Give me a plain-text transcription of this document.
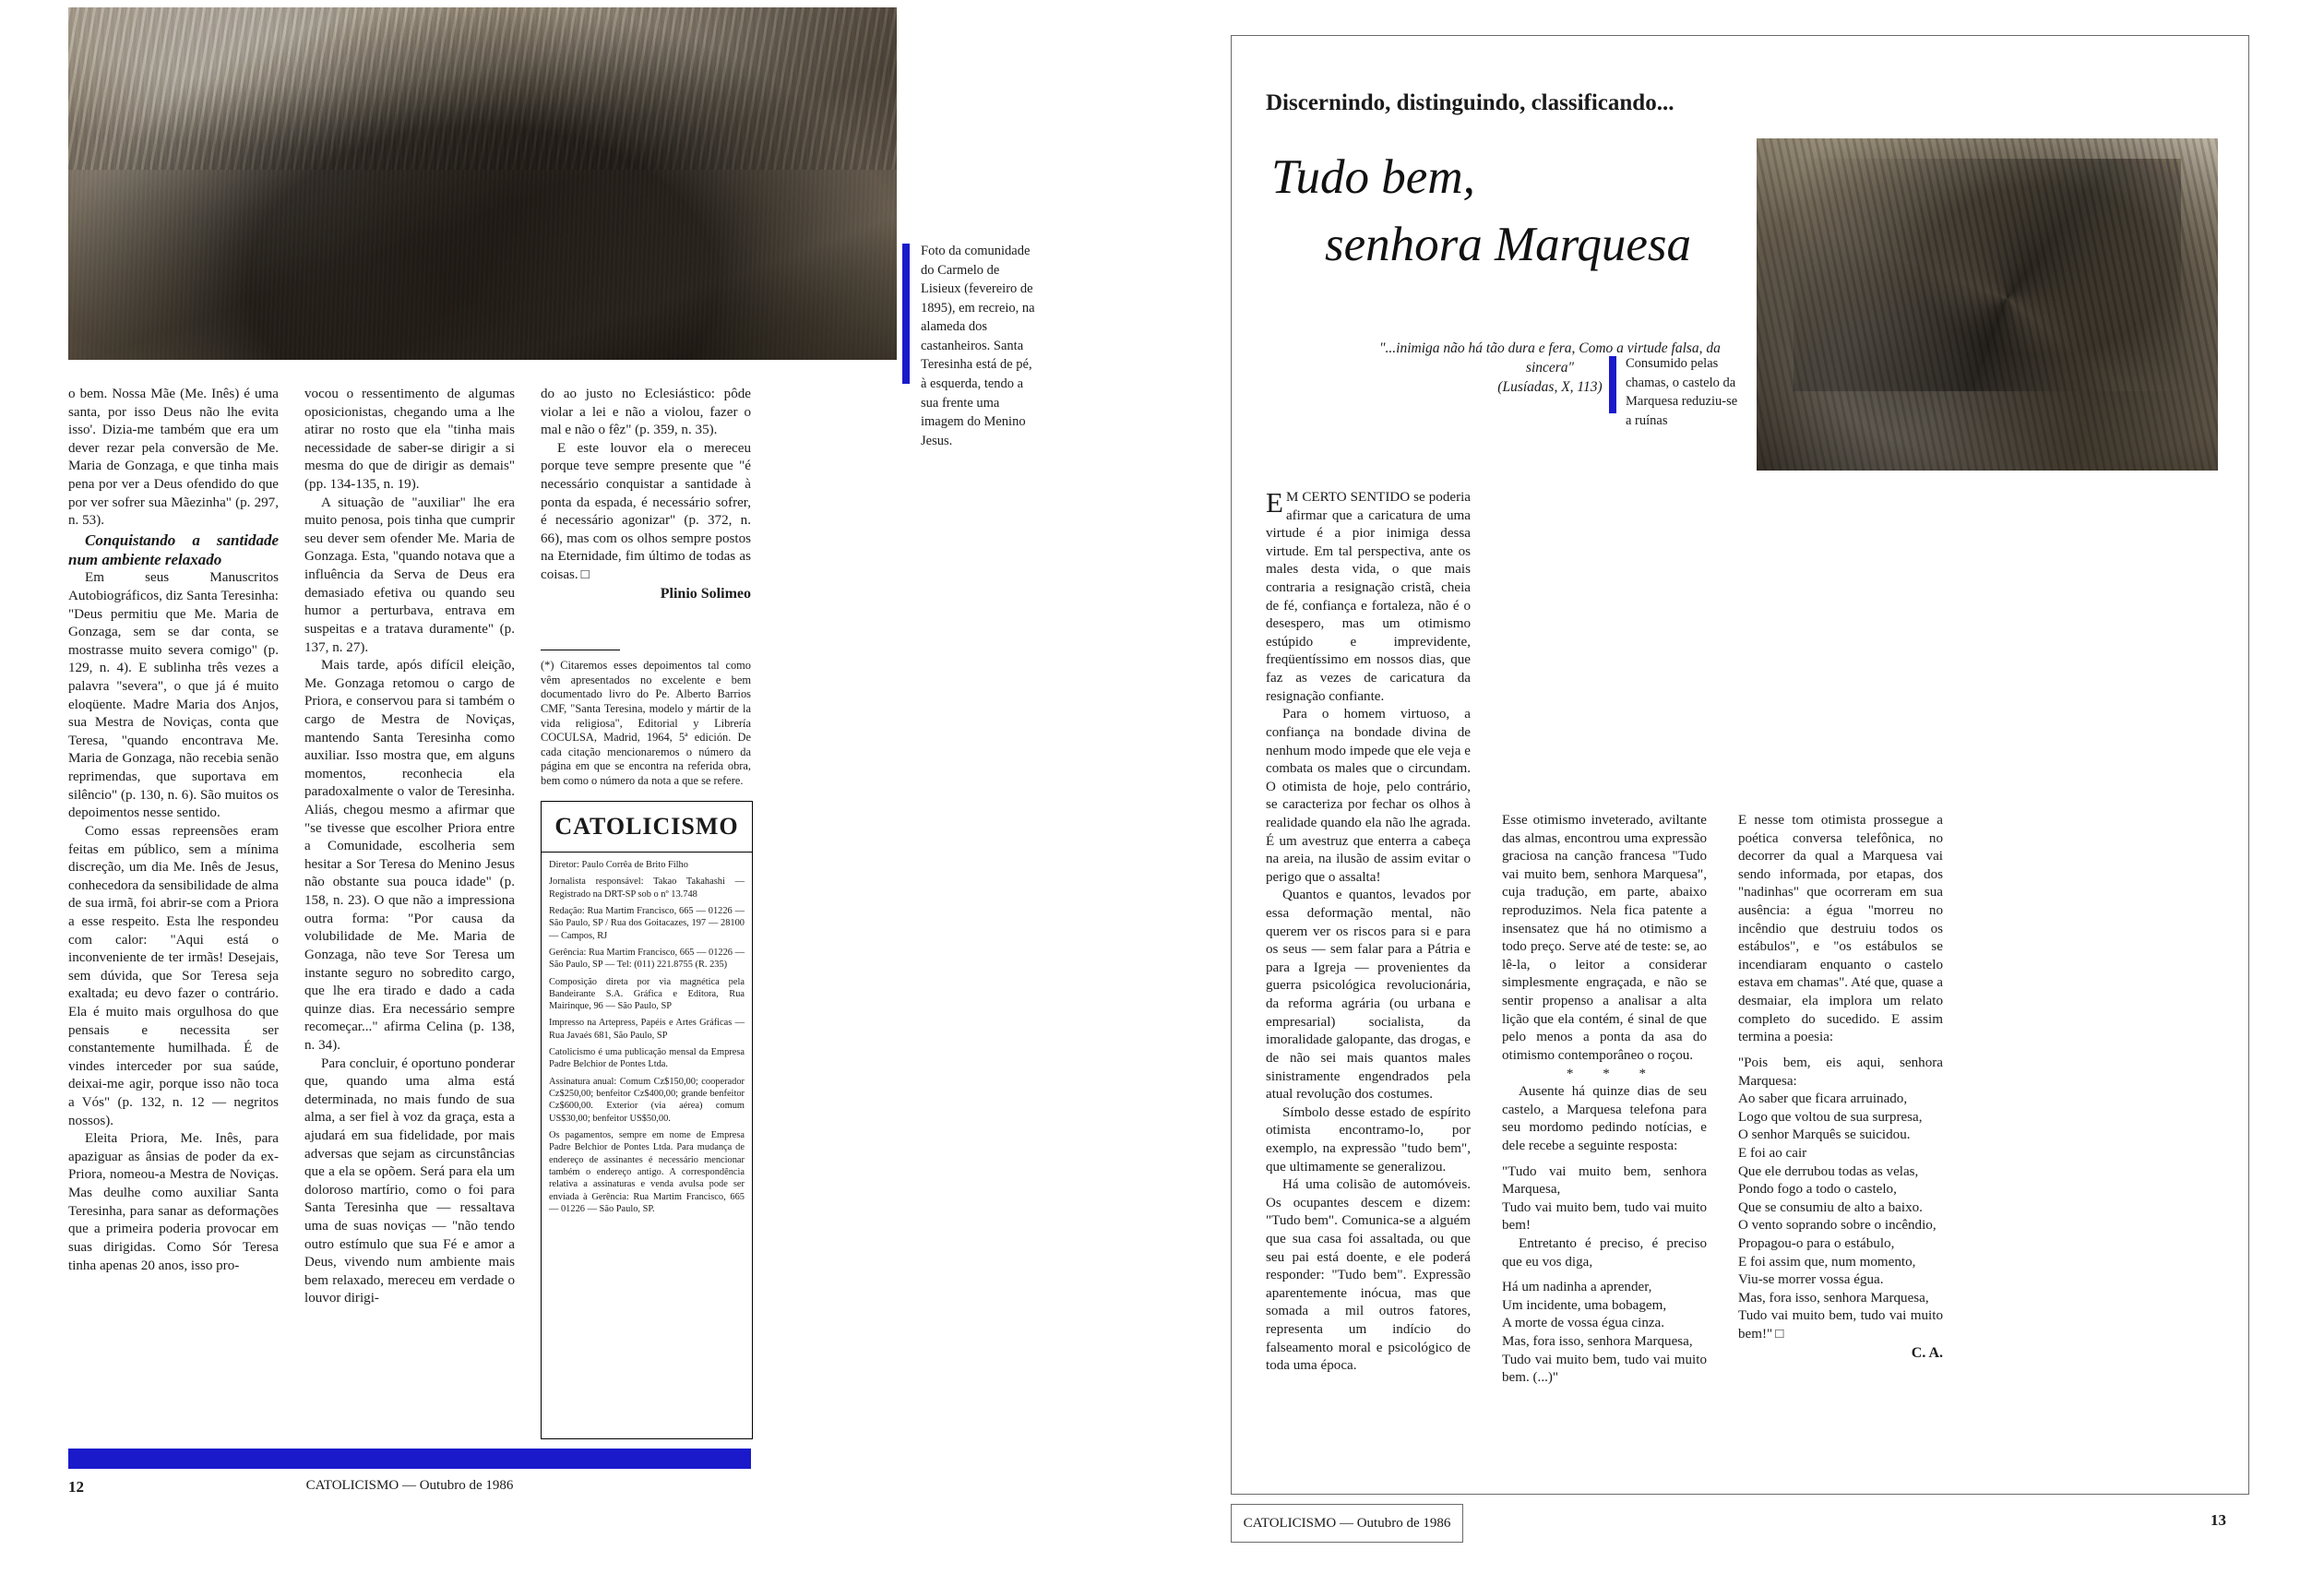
Foto da comunidade do Carmelo de Lisieux (fevereiro de 1895), em recreio, na alameda dos castanheiros. Santa Teresinha está de pé, à esquerda, tendo a sua frente uma imagem do Menino Jesus.

o bem. Nossa Mãe (Me. Inês) é uma santa, por isso Deus não lhe evita isso'. Dizia-me também que era um dever rezar pela conversão de Me. Maria de Gonzaga, e que tinha mais pena por ver a Deus ofendido do que por ver sofrer sua Mãezinha" (p. 297, n. 53).

Conquistando a santidade num ambiente relaxado

Em seus Manuscritos Autobiográficos, diz Santa Teresinha: "Deus permitiu que Me. Maria de Gonzaga, sem se dar conta, se mostrasse muito severa comigo" (p. 129, n. 4). E sublinha três vezes a palavra "severa", o que já é muito eloqüente. Madre Maria dos Anjos, sua Mestra de Noviças, conta que Teresa, "quando encontrava Me. Maria de Gonzaga, não recebia senão reprimendas, que suportava em silêncio" (p. 130, n. 6). São muitos os depoimentos nesse sentido.

Como essas repreensões eram feitas em público, sem a mínima discreção, um dia Me. Inês de Jesus, conhecedora da sensibilidade de alma de sua irmã, foi abrir-se com a Priora a esse respeito. Esta lhe respondeu com calor: "Aqui está o inconveniente de ter irmãs! Desejais, sem dúvida, que Sor Teresa seja exaltada; eu devo fazer o contrário. Ela é muito mais orgulhosa do que pensais e necessita ser constantemente humilhada. É de vindes interceder por sua saúde, deixai-me agir, porque isso não toca a Vós" (p. 132, n. 12 — negritos nossos).

Eleita Priora, Me. Inês, para apaziguar as ânsias de poder da ex-Priora, nomeou-a Mestra de Noviças. Mas deulhe como auxiliar Santa Teresinha, para sanar as deformações que a primeira poderia provocar em suas dirigidas. Como Sór Teresa tinha apenas 20 anos, isso pro-

vocou o ressentimento de algumas oposicionistas, chegando uma a lhe atirar no rosto que ela "tinha mais necessidade de saber-se dirigir a si mesma do que de dirigir as demais" (pp. 134-135, n. 19).

A situação de "auxiliar" lhe era muito penosa, pois tinha que cumprir seu dever sem ofender Me. Maria de Gonzaga. Esta, "quando notava que a influência da Serva de Deus era demasiado efetiva ou quando seu humor a perturbava, entrava em suspeitas e a tratava duramente" (p. 137, n. 27).

Mais tarde, após difícil eleição, Me. Gonzaga retomou o cargo de Priora, e conservou para si também o cargo de Mestra de Noviças, mantendo Santa Teresinha como auxiliar. Isso mostra que, em alguns momentos, reconhecia ela paradoxalmente o valor de Teresinha. Aliás, chegou mesmo a afirmar que "se tivesse que escolher Priora entre a Comunidade, escolheria sem hesitar a Sor Teresa do Menino Jesus não obstante sua pouca idade" (p. 158, n. 23). O que não a impressiona outra forma: "Por causa da volubilidade de Me. Maria de Gonzaga, não teve Sor Teresa um instante seguro no sobredito cargo, que lhe era tirado e dado a cada quinze dias. Era necessário sempre recomeçar..." afirma Celina (p. 138, n. 34).

Para concluir, é oportuno ponderar que, quando uma alma está determinada, no mais fundo de sua alma, a ser fiel à voz da graça, esta a ajudará em sua fidelidade, por mais adversas que sejam as circunstâncias que a ela se opõem. Será para ela um doloroso martírio, como o foi para Santa Teresinha que — ressaltava uma de suas noviças — "não tendo outro estímulo que sua Fé e amor a Deus, vivendo num ambiente mais bem relaxado, mereceu em verdade o louvor dirigi-

do ao justo no Eclesiástico: pôde violar a lei e não a violou, fazer o mal e não o fêz" (p. 359, n. 35).

E este louvor ela o mereceu porque teve sempre presente que "é necessário conquistar a santidade à ponta da espada, é necessário sofrer, é necessário agonizar" (p. 372, n. 66), mas com os olhos sempre postos na Eternidade, fim último de todas as coisas. □

Plinio Solimeo

(*) Citaremos esses depoimentos tal como vêm apresentados no excelente e bem documentado livro do Pe. Alberto Barrios CMF, "Santa Teresina, modelo y mártir de la vida religiosa", Editorial y Librería COCULSA, Madrid, 1964, 5ª edición. De cada citação mencionaremos o número da página em que se encontra na referida obra, bem como o número da nota a que se refere.
CATOLICISMO

Diretor: Paulo Corrêa de Brito Filho

Jornalista responsável: Takao Takahashi — Registrado na DRT-SP sob o nº 13.748

Redação: Rua Martim Francisco, 665 — 01226 — São Paulo, SP / Rua dos Goitacazes, 197 — 28100 — Campos, RJ

Gerência: Rua Martim Francisco, 665 — 01226 — São Paulo, SP — Tel: (011) 221.8755 (R. 235)

Composição direta por via magnética pela Bandeirante S.A. Gráfica e Editora, Rua Mairinque, 96 — São Paulo, SP

Impresso na Artepress, Papéis e Artes Gráficas — Rua Javaés 681, São Paulo, SP

Catolicismo é uma publicação mensal da Empresa Padre Belchior de Pontes Ltda.

Assinatura anual: Comum Cz$150,00; cooperador Cz$250,00; benfeitor Cz$400,00; grande benfeitor Cz$600,00. Exterior (via aérea) comum US$30,00; benfeitor US$50,00.

Os pagamentos, sempre em nome de Empresa Padre Belchior de Pontes Ltda. Para mudança de endereço de assinantes é necessário mencionar também o endereço antigo. A correspondência relativa a assinaturas e venda avulsa pode ser enviada à Gerência: Rua Martim Francisco, 665 — 01226 — São Paulo, SP.

CATOLICISMO — Outubro de 1986
12
Discernindo, distinguindo, classificando...
Tudo bem,
senhora Marquesa
"...inimiga não há tão dura e fera, Como a virtude falsa, da sincera"
(Lusíadas, X, 113)
Consumido pelas chamas, o castelo da Marquesa reduziu-se a ruínas

E M CERTO SENTIDO se poderia afirmar que a caricatura de uma virtude é a pior inimiga dessa virtude. Em tal perspectiva, ante os males desta vida, o que mais contraria a resignação cristã, cheia de fé, confiança e fortaleza, não é o desespero, mas um otimismo estúpido e imprevidente, freqüentíssimo em nossos dias, que faz as vezes de caricatura da resignação confiante.

Para o homem virtuoso, a confiança na bondade divina de nenhum modo impede que ele veja e combata os males que o circundam. O otimista de hoje, pelo contrário, se caracteriza por fechar os olhos à realidade quando ela não lhe agrada. É um avestruz que enterra a cabeça na areia, na ilusão de assim evitar o perigo que o assalta!

Quantos e quantos, levados por essa deformação mental, não querem ver os riscos para si e para os seus — sem falar para a Pátria e para a Igreja — provenientes da guerra psicológica revolucionária, da reforma agrária (ou urbana e empresarial) socialista, da imoralidade galopante, das drogas, e de não sei mais quantos males sinistramente engendrados pela atual revolução dos costumes.

Símbolo desse estado de espírito otimista encontramo-lo, por exemplo, na expressão "tudo bem", que ultimamente se generalizou.

Há uma colisão de automóveis. Os ocupantes descem e dizem: "Tudo bem". Comunica-se a alguém que sua casa foi assaltada, ou que seu pai está doente, e ele poderá responder: "Tudo bem". Expressão aparentemente inócua, mas que somada a mil outros fatores, representa um indício do falseamento moral e psicológico de toda uma época.

Esse otimismo inveterado, aviltante das almas, encontrou uma expressão graciosa na canção francesa "Tudo vai muito bem, senhora Marquesa", cuja tradução, em parte, abaixo reproduzimos. Nela fica patente a insensatez que há no otimismo a todo preço. Serve até de teste: se, ao lê-la, o leitor a considerar simplesmente engraçada, e não se sentir propenso a analisar a alta lição que ela contém, é sinal de que pelo menos a ponta da asa do otimismo contemporâneo o roçou.

* * *

Ausente há quinze dias de seu castelo, a Marquesa telefona para seu mordomo pedindo notícias, e dele recebe a seguinte resposta:

"Tudo vai muito bem, senhora Marquesa,
Tudo vai muito bem, tudo vai muito bem!

Entretanto é preciso, é preciso que eu vos diga,

Há um nadinha a aprender,
Um incidente, uma bobagem,
A morte de vossa égua cinza.
Mas, fora isso, senhora Marquesa,
Tudo vai muito bem, tudo vai muito bem. (...)"

E nesse tom otimista prossegue a poética conversa telefônica, no decorrer da qual a Marquesa vai sendo informada, por etapas, dos "nadinhas" que ocorreram em sua ausência: a égua "morreu no incêndio que destruiu todos os estábulos", e "os estábulos se incendiaram enquanto o castelo estava em chamas". Até que, quase a desmaiar, ela implora um relato completo do sucedido. E assim termina a poesia:

"Pois bem, eis aqui, senhora Marquesa:
Ao saber que ficara arruinado,
Logo que voltou de sua surpresa,
O senhor Marquês se suicidou.
E foi ao cair
Que ele derrubou todas as velas,
Pondo fogo a todo o castelo,
Que se consumiu de alto a baixo.
O vento soprando sobre o incêndio,
Propagou-o para o estábulo,
E foi assim que, num momento,
Viu-se morrer vossa égua.
Mas, fora isso, senhora Marquesa,
Tudo vai muito bem, tudo vai muito bem!" □

C. A.

CATOLICISMO — Outubro de 1986	13
